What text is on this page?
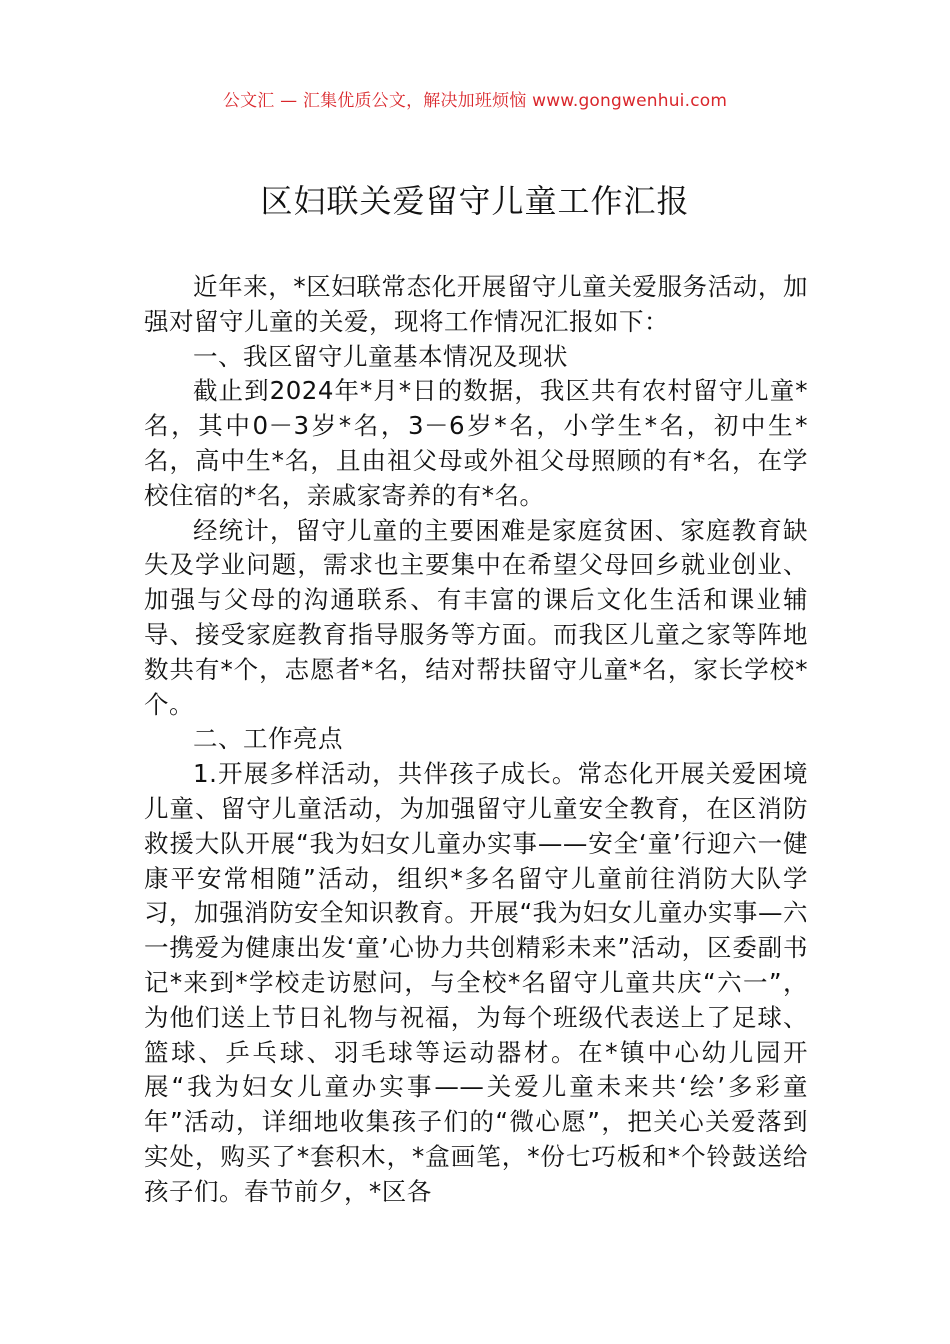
公文汇 — 汇集优质公文，解决加班烦恼 www.gongwenhui.com
区妇联关爱留守儿童工作汇报

近年来，*区妇联常态化开展留守儿童关爱服务活动，加强对留守儿童的关爱，现将工作情况汇报如下：

一、我区留守儿童基本情况及现状

截止到2024年*月*日的数据，我区共有农村留守儿童*名，其中0－3岁*名，3－6岁*名，小学生*名，初中生*名，高中生*名，且由祖父母或外祖父母照顾的有*名，在学校住宿的*名，亲戚家寄养的有*名。

经统计，留守儿童的主要困难是家庭贫困、家庭教育缺失及学业问题，需求也主要集中在希望父母回乡就业创业、加强与父母的沟通联系、有丰富的课后文化生活和课业辅导、接受家庭教育指导服务等方面。而我区儿童之家等阵地数共有*个，志愿者*名，结对帮扶留守儿童*名，家长学校*个。

二、工作亮点

1.开展多样活动，共伴孩子成长。常态化开展关爱困境儿童、留守儿童活动，为加强留守儿童安全教育，在区消防救援大队开展“我为妇女儿童办实事——安全‘童’行迎六一健康平安常相随”活动，组织*多名留守儿童前往消防大队学习，加强消防安全知识教育。开展“我为妇女儿童办实事—六一携爱为健康出发‘童’心协力共创精彩未来”活动，区委副书记*来到*学校走访慰问，与全校*名留守儿童共庆“六一”，为他们送上节日礼物与祝福，为每个班级代表送上了足球、篮球、乒乓球、羽毛球等运动器材。在*镇中心幼儿园开展“我为妇女儿童办实事——关爱儿童未来共‘绘’多彩童年”活动，详细地收集孩子们的“微心愿”，把关心关爱落到实处，购买了*套积木，*盒画笔，*份七巧板和*个铃鼓送给孩子们。春节前夕，*区各
